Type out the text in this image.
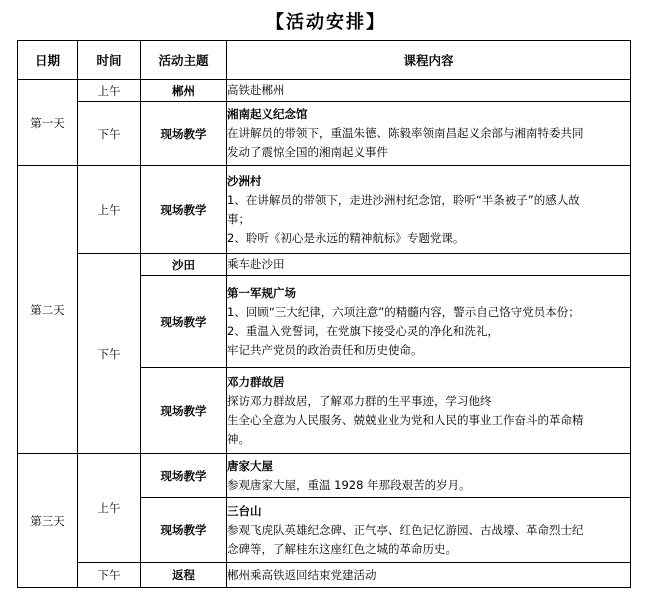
【活动安排】
日期	时间	活动主题	课程内容
第一天	上午	郴州	高铁赴郴州

	下午	现场教学	湘南起义纪念馆
在讲解员的带领下，重温朱德、陈毅率领南昌起义余部与湘南特委共同
发动了震惊全国的湘南起义事件

第二天	上午	现场教学	沙洲村
1、在讲解员的带领下，走进沙洲村纪念馆，聆听“半条被子”的感人故
事；
2、聆听《初心是永远的精神航标》专题党课。

	下午	沙田	乘车赴沙田

		现场教学	第一军规广场
1、回顾“三大纪律，六项注意”的精髓内容，警示自己恪守党员本份；
2、重温入党誓词，在党旗下接受心灵的净化和洗礼，
牢记共产党员的政治责任和历史使命。

		现场教学	邓力群故居
探访邓力群故居，了解邓力群的生平事迹，学习他终
生全心全意为人民服务、兢兢业业为党和人民的事业工作奋斗的革命精
神。

第三天	上午	现场教学	唐家大屋
参观唐家大屋，重温 1928 年那段艰苦的岁月。

		现场教学	三台山
参观飞虎队英雄纪念碑、正气亭、红色记忆游园、古战壕、革命烈士纪
念碑等，了解桂东这座红色之城的革命历史。

	下午	返程	郴州乘高铁返回结束党建活动
